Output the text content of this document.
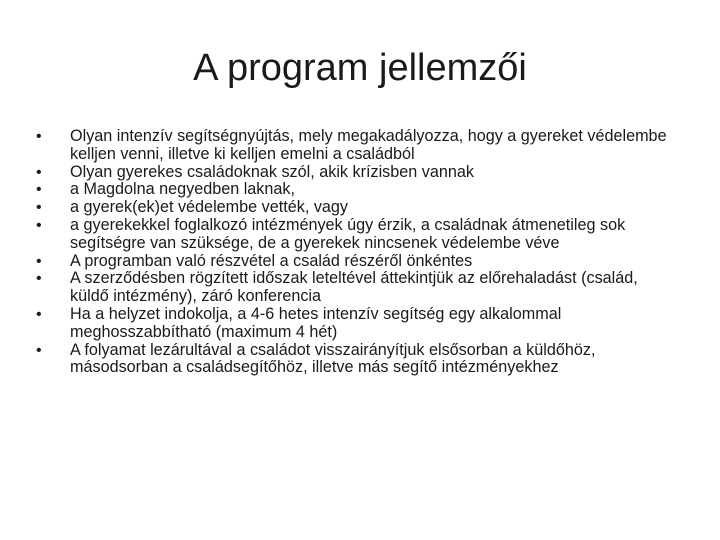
A program jellemzői
•	Olyan intenzív segítségnyújtás, mely megakadályozza, hogy a gyereket védelembe kelljen venni, illetve ki kelljen emelni a családból
•	Olyan gyerekes családoknak szól, akik krízisben vannak
•	a Magdolna negyedben laknak,
•	a gyerek(ek)et védelembe vették, vagy
•	a gyerekekkel foglalkozó intézmények úgy érzik, a családnak átmenetileg sok segítségre van szüksége, de a gyerekek nincsenek védelembe véve
•	A programban való részvétel a család részéről önkéntes
•	A szerződésben rögzített időszak leteltével áttekintjük az előrehaladást (család, küldő intézmény), záró konferencia
•	Ha a helyzet indokolja, a 4-6 hetes intenzív segítség egy alkalommal meghosszabbítható (maximum 4 hét)
•	A folyamat lezárultával a családot visszairányítjuk elsősorban a küldőhöz, másodsorban a családsegítőhöz, illetve más segítő intézményekhez
